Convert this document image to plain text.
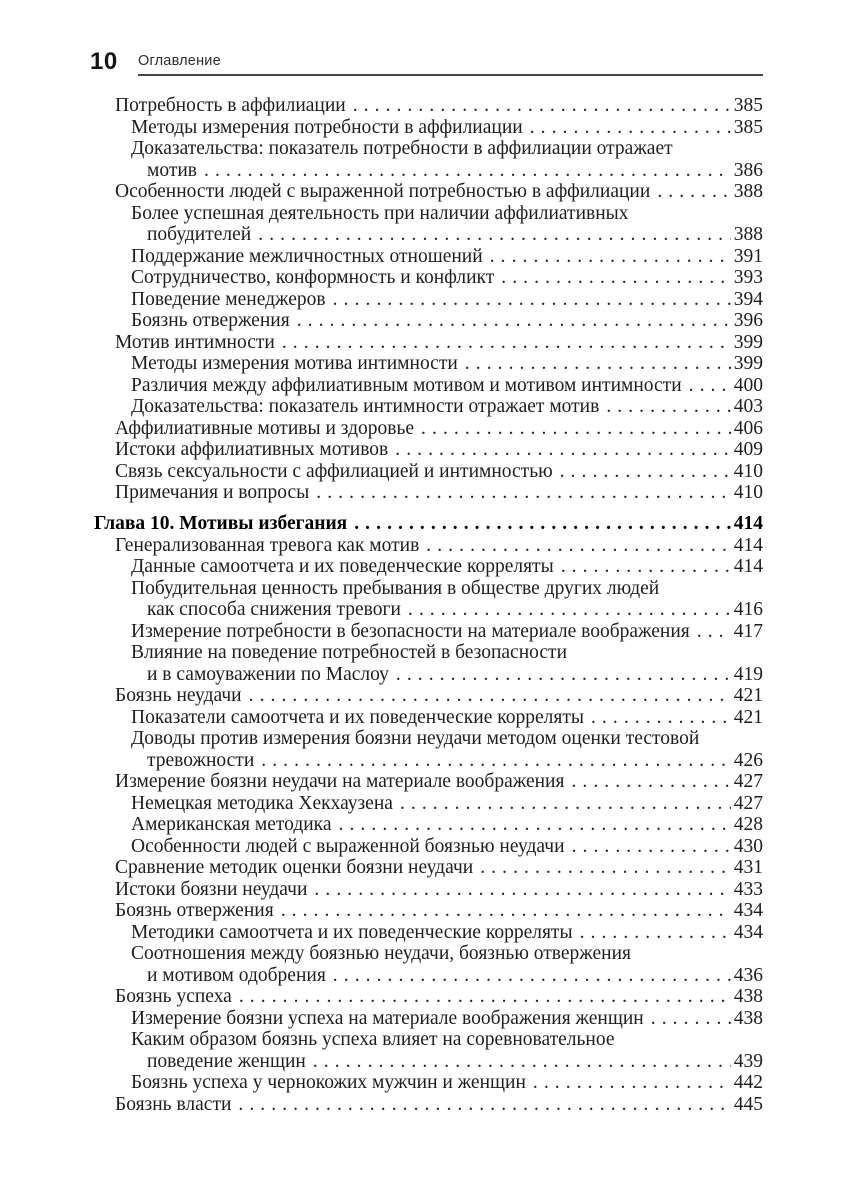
10	Оглавление
Потребность в аффилиации . . .	385
Методы измерения потребности в аффилиации . . .	385
Доказательства: показатель потребности в аффилиации отражает
мотив . . .	386
Особенности людей с выраженной потребностью в аффилиации . . .	388
Более успешная деятельность при наличии аффилиативных
побудителей . . .	388
Поддержание межличностных отношений . . .	391
Сотрудничество, конформность и конфликт . . .	393
Поведение менеджеров . . .	394
Боязнь отвержения . . .	396
Мотив интимности . . .	399
Методы измерения мотива интимности . . .	399
Различия между аффилиативным мотивом и мотивом интимности . . .	400
Доказательства: показатель интимности отражает мотив . . .	403
Аффилиативные мотивы и здоровье . . .	406
Истоки аффилиативных мотивов . . .	409
Связь сексуальности с аффилиацией и интимностью . . .	410
Примечания и вопросы . . .	410
Глава 10. Мотивы избегания . . .	414
Генерализованная тревога как мотив . . .	414
Данные самоотчета и их поведенческие корреляты . . .	414
Побудительная ценность пребывания в обществе других людей
как способа снижения тревоги . . .	416
Измерение потребности в безопасности на материале воображения . . . 417
Влияние на поведение потребностей в безопасности
и в самоуважении по Маслоу . . .	419
Боязнь неудачи . . .	421
Показатели самоотчета и их поведенческие корреляты . . .	421
Доводы против измерения боязни неудачи методом оценки тестовой
тревожности . . .	426
Измерение боязни неудачи на материале воображения . . .	427
Немецкая методика Хекхаузена . . .	427
Американская методика . . .	428
Особенности людей с выраженной боязнью неудачи . . .	430
Сравнение методик оценки боязни неудачи . . .	431
Истоки боязни неудачи . . .	433
Боязнь отвержения . . .	434
Методики самоотчета и их поведенческие корреляты . . .	434
Соотношения между боязнью неудачи, боязнью отвержения
и мотивом одобрения . . .	436
Боязнь успеха . . .	438
Измерение боязни успеха на материале воображения женщин . . .	438
Каким образом боязнь успеха влияет на соревновательное
поведение женщин . . .	439
Боязнь успеха у чернокожих мужчин и женщин . . .	442
Боязнь власти . . .	445
